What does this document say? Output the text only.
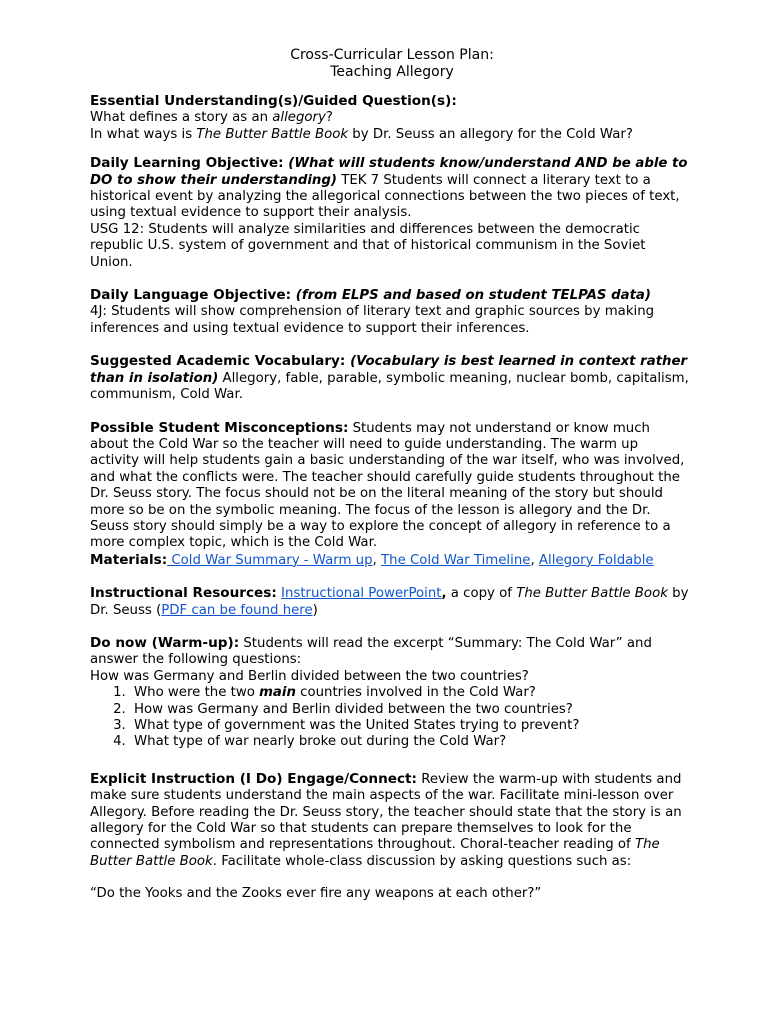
Cross-Curricular Lesson Plan:
Teaching Allegory

Essential Understanding(s)/Guided Question(s):

What defines a story as an allegory?

In what ways is The Butter Battle Book by Dr. Seuss an allegory for the Cold War?

Daily Learning Objective: (What will students know/understand AND be able to DO to show their understanding) TEK 7 Students will connect a literary text to a historical event by analyzing the allegorical connections between the two pieces of text, using textual evidence to support their analysis.

USG 12: Students will analyze similarities and differences between the democratic republic U.S. system of government and that of historical communism in the Soviet Union.

Daily Language Objective: (from ELPS and based on student TELPAS data)

4J: Students will show comprehension of literary text and graphic sources by making inferences and using textual evidence to support their inferences.

Suggested Academic Vocabulary: (Vocabulary is best learned in context rather than in isolation) Allegory, fable, parable, symbolic meaning, nuclear bomb, capitalism, communism, Cold War.

Possible Student Misconceptions: Students may not understand or know much about the Cold War so the teacher will need to guide understanding. The warm up activity will help students gain a basic understanding of the war itself, who was involved, and what the conflicts were. The teacher should carefully guide students throughout the Dr. Seuss story. The focus should not be on the literal meaning of the story but should more so be on the symbolic meaning. The focus of the lesson is allegory and the Dr. Seuss story should simply be a way to explore the concept of allegory in reference to a more complex topic, which is the Cold War.

Materials: Cold War Summary - Warm up, The Cold War Timeline, Allegory Foldable

Instructional Resources: Instructional PowerPoint, a copy of The Butter Battle Book by Dr. Seuss (PDF can be found here)

Do now (Warm-up): Students will read the excerpt “Summary: The Cold War” and answer the following questions:

How was Germany and Berlin divided between the two countries?

1. Who were the two main countries involved in the Cold War?
2. How was Germany and Berlin divided between the two countries?
3. What type of government was the United States trying to prevent?
4. What type of war nearly broke out during the Cold War?

Explicit Instruction (I Do) Engage/Connect: Review the warm-up with students and make sure students understand the main aspects of the war. Facilitate mini-lesson over Allegory. Before reading the Dr. Seuss story, the teacher should state that the story is an allegory for the Cold War so that students can prepare themselves to look for the connected symbolism and representations throughout. Choral-teacher reading of The Butter Battle Book. Facilitate whole-class discussion by asking questions such as:

“Do the Yooks and the Zooks ever fire any weapons at each other?”
